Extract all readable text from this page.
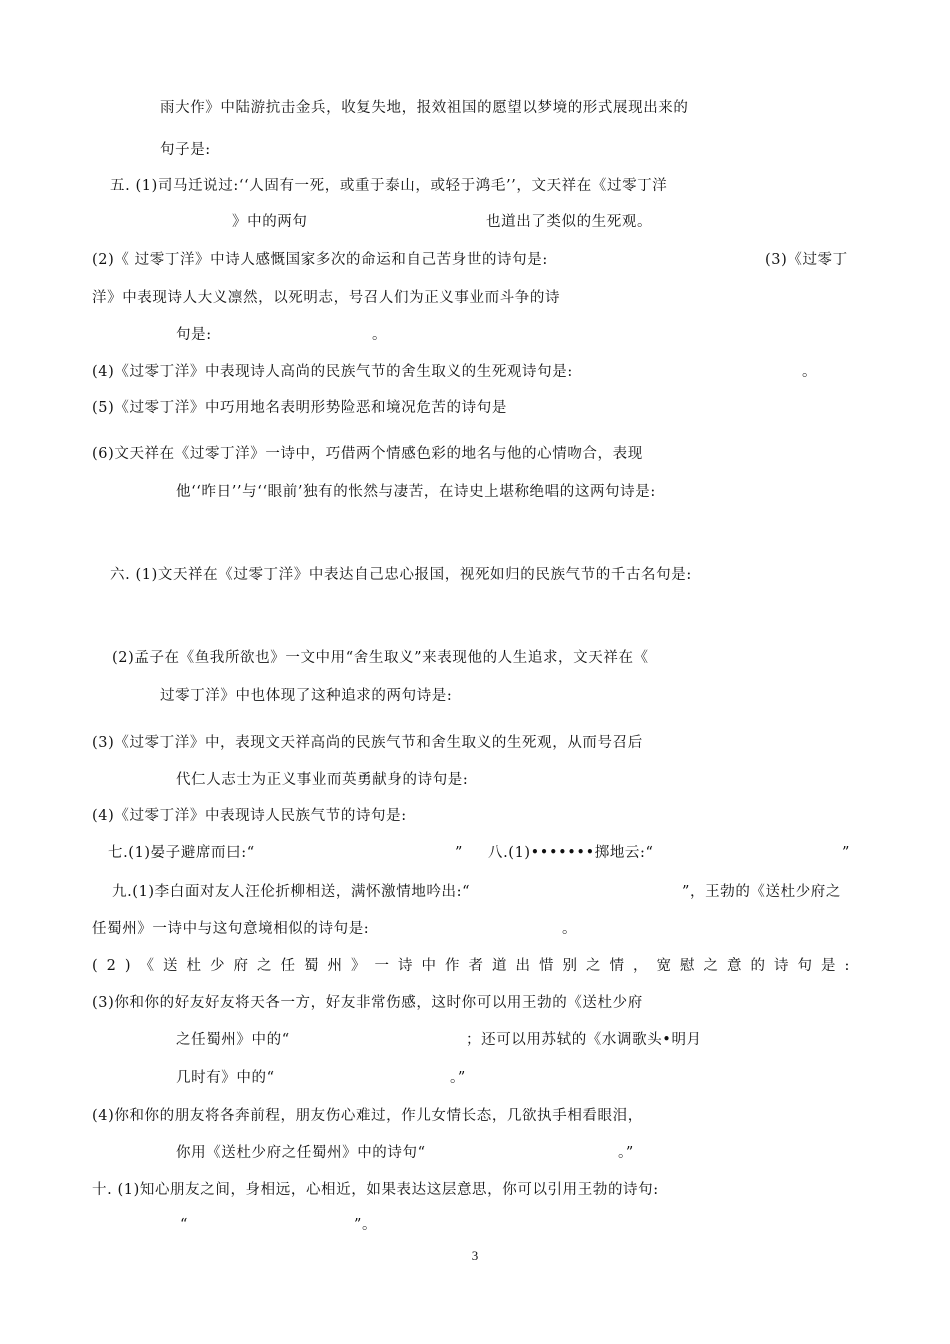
雨大作》中陆游抗击金兵，收复失地，报效祖国的愿望以梦境的形式展现出来的
句子是:
五. (1)司马迁说过:‘‘人固有一死，或重于泰山，或轻于鸿毛’’，文天祥在《过零丁洋
》中的两句	也道出了类似的生死观。
(2)《 过零丁洋》中诗人感慨国家多次的命运和自己苦身世的诗句是:	(3)《过零丁
洋》中表现诗人大义凛然，以死明志，号召人们为正义事业而斗争的诗
句是:	。
(4)《过零丁洋》中表现诗人高尚的民族气节的舍生取义的生死观诗句是:	。
(5)《过零丁洋》中巧用地名表明形势险恶和境况危苦的诗句是
(6)文天祥在《过零丁洋》一诗中，巧借两个情感色彩的地名与他的心情吻合，表现
他‘‘昨日’’与‘‘眼前’独有的怅然与凄苦，在诗史上堪称绝唱的这两句诗是:
六. (1)文天祥在《过零丁洋》中表达自己忠心报国，视死如归的民族气节的千古名句是:
(2)孟子在《鱼我所欲也》一文中用“舍生取义”来表现他的人生追求，文天祥在《
过零丁洋》中也体现了这种追求的两句诗是:
(3)《过零丁洋》中，表现文天祥高尚的民族气节和舍生取义的生死观，从而号召后
代仁人志士为正义事业而英勇献身的诗句是:
(4)《过零丁洋》中表现诗人民族气节的诗句是:
七.(1)晏子避席而曰:“	” 八.(1)•••••••掷地云:“	”
九.(1)李白面对友人汪伦折柳相送，满怀激情地吟出:“	”，王勃的《送杜少府之
任蜀州》一诗中与这句意境相似的诗句是:	。
(2)《送杜少府之任蜀州》一诗中作者道出惜别之情，宽慰之意的诗句是:
(3)你和你的好友好友将天各一方，好友非常伤感，这时你可以用王勃的《送杜少府
之任蜀州》中的“	；还可以用苏轼的《水调歌头•明月
几时有》中的“	。”
(4)你和你的朋友将各奔前程，朋友伤心难过，作儿女情长态，几欲执手相看眼泪，
你用《送杜少府之任蜀州》中的诗句“	。”
十. (1)知心朋友之间，身相远，心相近，如果表达这层意思，你可以引用王勃的诗句:
“	”。
3
